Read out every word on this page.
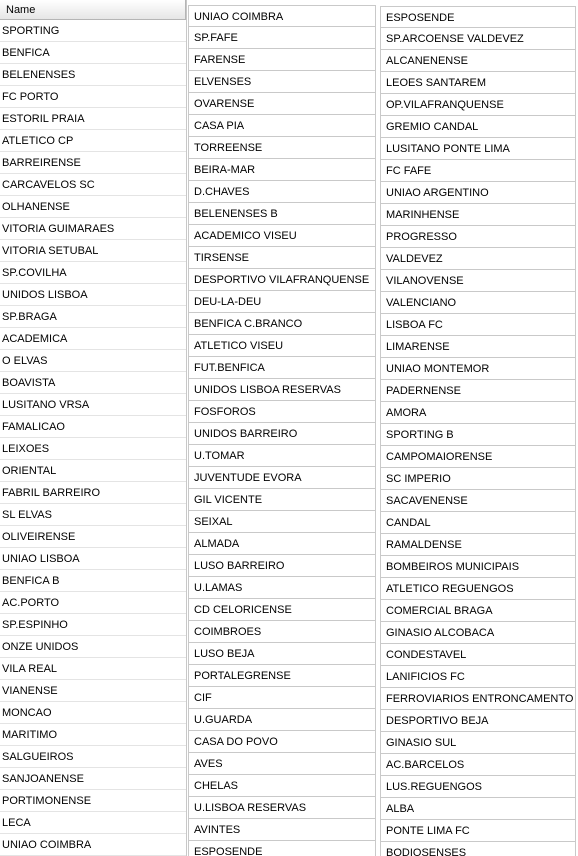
Name
SPORTING
BENFICA
BELENENSES
FC PORTO
ESTORIL PRAIA
ATLETICO CP
BARREIRENSE
CARCAVELOS SC
OLHANENSE
VITORIA GUIMARAES
VITORIA SETUBAL
SP.COVILHA
UNIDOS LISBOA
SP.BRAGA
ACADEMICA
O ELVAS
BOAVISTA
LUSITANO VRSA
FAMALICAO
LEIXOES
ORIENTAL
FABRIL BARREIRO
SL ELVAS
OLIVEIRENSE
UNIAO LISBOA
BENFICA B
AC.PORTO
SP.ESPINHO
ONZE UNIDOS
VILA REAL
VIANENSE
MONCAO
MARITIMO
SALGUEIROS
SANJOANENSE
PORTIMONENSE
LECA
UNIAO COIMBRA
UNIAO COIMBRA
SP.FAFE
FARENSE
ELVENSES
OVARENSE
CASA PIA
TORREENSE
BEIRA-MAR
D.CHAVES
BELENENSES B
ACADEMICO VISEU
TIRSENSE
DESPORTIVO VILAFRANQUENSE
DEU-LA-DEU
BENFICA C.BRANCO
ATLETICO VISEU
FUT.BENFICA
UNIDOS LISBOA RESERVAS
FOSFOROS
UNIDOS BARREIRO
U.TOMAR
JUVENTUDE EVORA
GIL VICENTE
SEIXAL
ALMADA
LUSO BARREIRO
U.LAMAS
CD CELORICENSE
COIMBROES
LUSO BEJA
PORTALEGRENSE
CIF
U.GUARDA
CASA DO POVO
AVES
CHELAS
U.LISBOA RESERVAS
AVINTES
ESPOSENDE
ESPOSENDE
SP.ARCOENSE VALDEVEZ
ALCANENENSE
LEOES SANTAREM
OP.VILAFRANQUENSE
GREMIO CANDAL
LUSITANO PONTE LIMA
FC FAFE
UNIAO ARGENTINO
MARINHENSE
PROGRESSO
VALDEVEZ
VILANOVENSE
VALENCIANO
LISBOA FC
LIMARENSE
UNIAO MONTEMOR
PADERNENSE
AMORA
SPORTING B
CAMPOMAIORENSE
SC IMPERIO
SACAVENENSE
CANDAL
RAMALDENSE
BOMBEIROS MUNICIPAIS
ATLETICO REGUENGOS
COMERCIAL BRAGA
GINASIO ALCOBACA
CONDESTAVEL
LANIFICIOS FC
FERROVIARIOS ENTRONCAMENTO
DESPORTIVO BEJA
GINASIO SUL
AC.BARCELOS
LUS.REGUENGOS
ALBA
PONTE LIMA FC
BODIOSENSES
